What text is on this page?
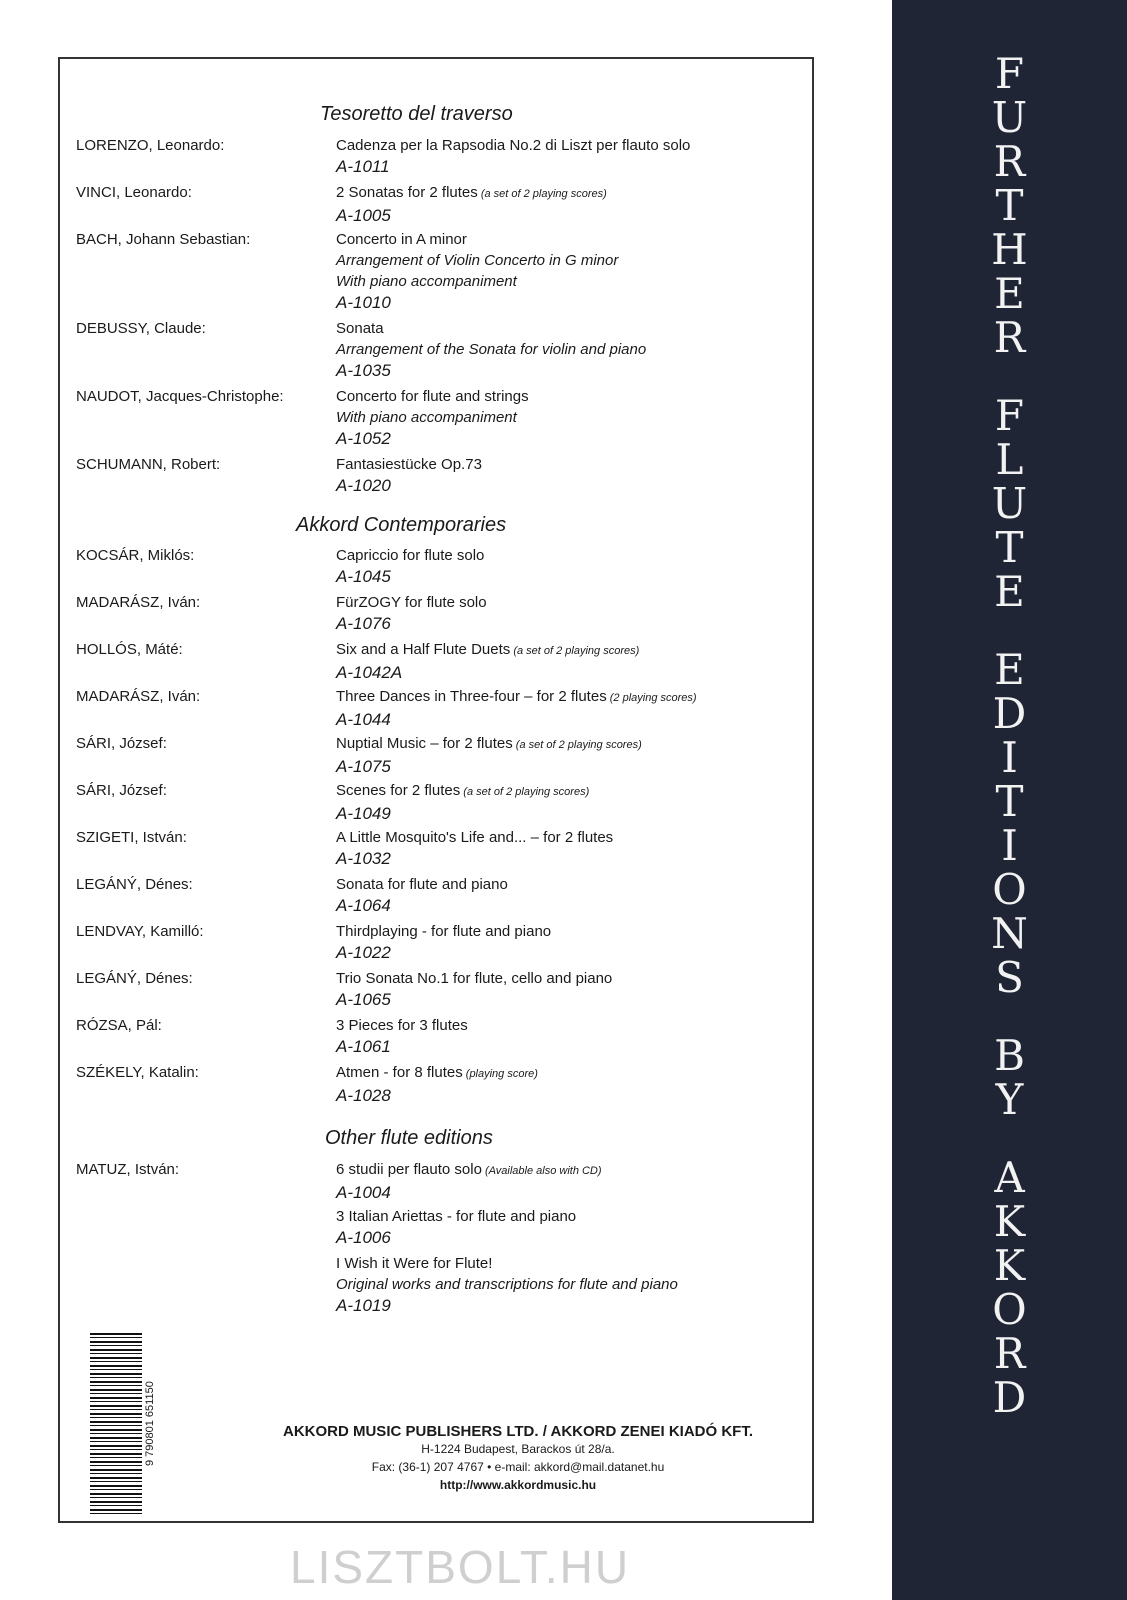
F
U
R
T
H
E
R
F
L
U
T
E
E
D
I
T
I
O
N
S
B
Y
A
K
K
O
R
D
Tesoretto del traverso
LORENZO, Leonardo:	Cadenza per la Rapsodia No.2 di Liszt per flauto solo
A-1011
VINCI, Leonardo:	2 Sonatas for 2 flutes (a set of 2 playing scores)
A-1005
BACH, Johann Sebastian:	Concerto in A minor
Arrangement of Violin Concerto in G minor
With piano accompaniment
A-1010
DEBUSSY, Claude:	Sonata
Arrangement of the Sonata for violin and piano
A-1035
NAUDOT, Jacques-Christophe:	Concerto for flute and strings
With piano accompaniment
A-1052
SCHUMANN, Robert:	Fantasiestücke Op.73
A-1020
Akkord Contemporaries
KOCSÁR, Miklós:	Capriccio for flute solo
A-1045
MADARÁSZ, Iván:	FürZOGY for flute solo
A-1076
HOLLÓS, Máté:	Six and a Half Flute Duets (a set of 2 playing scores)
A-1042A
MADARÁSZ, Iván:	Three Dances in Three-four – for 2 flutes (2 playing scores)
A-1044
SÁRI, József:	Nuptial Music – for 2 flutes (a set of 2 playing scores)
A-1075
SÁRI, József:	Scenes for 2 flutes (a set of 2 playing scores)
A-1049
SZIGETI, István:	A Little Mosquito's Life and... – for 2 flutes
A-1032
LEGÁNÝ, Dénes:	Sonata for flute and piano
A-1064
LENDVAY, Kamilló:	Thirdplaying - for flute and piano
A-1022
LEGÁNÝ, Dénes:	Trio Sonata No.1 for flute, cello and piano
A-1065
RÓZSA, Pál:	3 Pieces for 3 flutes
A-1061
SZÉKELY, Katalin:	Atmen - for 8 flutes (playing score)
A-1028
Other flute editions
MATUZ, István:	6 studii per flauto solo (Available also with CD)
A-1004
3 Italian Ariettas - for flute and piano
A-1006
I Wish it Were for Flute!
Original works and transcriptions for flute and piano
A-1019
9 790801 651150	AKKORD MUSIC PUBLISHERS LTD. / AKKORD ZENEI KIADÓ KFT.
H-1224 Budapest, Barackos út 28/a.
Fax: (36-1) 207 4767 • e-mail: akkord@mail.datanet.hu
http://www.akkordmusic.hu
LISZTBOLT.HU
